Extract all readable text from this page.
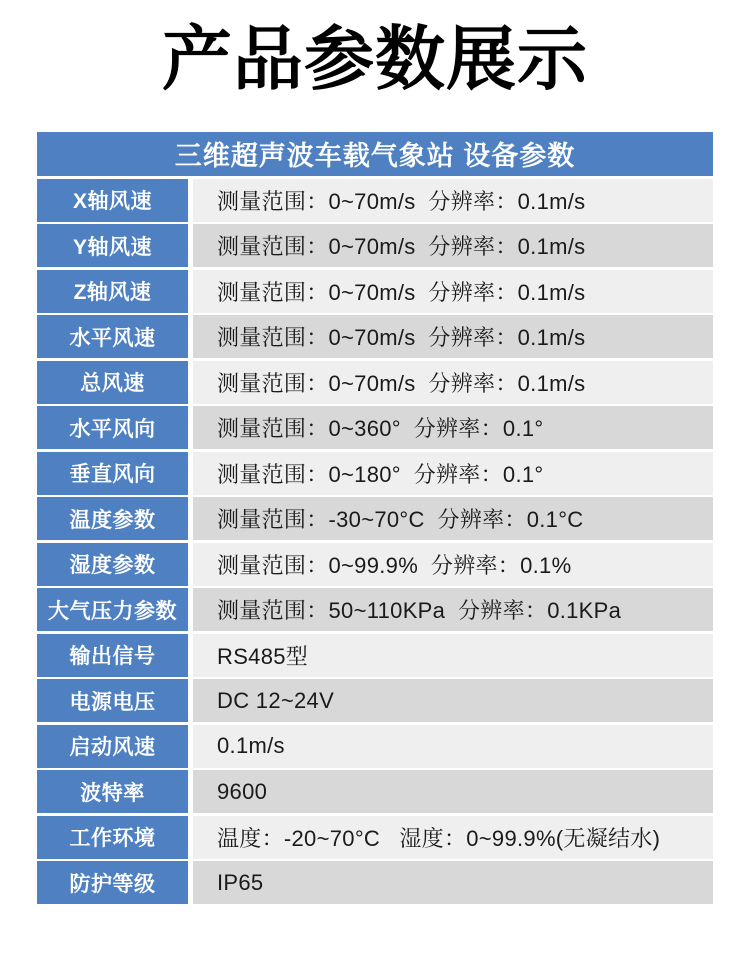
产品参数展示
三维超声波车载气象站 设备参数
X轴风速	测量范围：0~70m/s  分辨率：0.1m/s
Y轴风速	测量范围：0~70m/s  分辨率：0.1m/s
Z轴风速	测量范围：0~70m/s  分辨率：0.1m/s
水平风速	测量范围：0~70m/s  分辨率：0.1m/s
总风速	测量范围：0~70m/s  分辨率：0.1m/s
水平风向	测量范围：0~360°  分辨率：0.1°
垂直风向	测量范围：0~180°  分辨率：0.1°
温度参数	测量范围：-30~70°C  分辨率：0.1°C
湿度参数	测量范围：0~99.9%  分辨率：0.1%
大气压力参数	测量范围：50~110KPa  分辨率：0.1KPa
输出信号	RS485型
电源电压	DC 12~24V
启动风速	0.1m/s
波特率	9600
工作环境	温度：-20~70°C   湿度：0~99.9%(无凝结水)
防护等级	IP65
